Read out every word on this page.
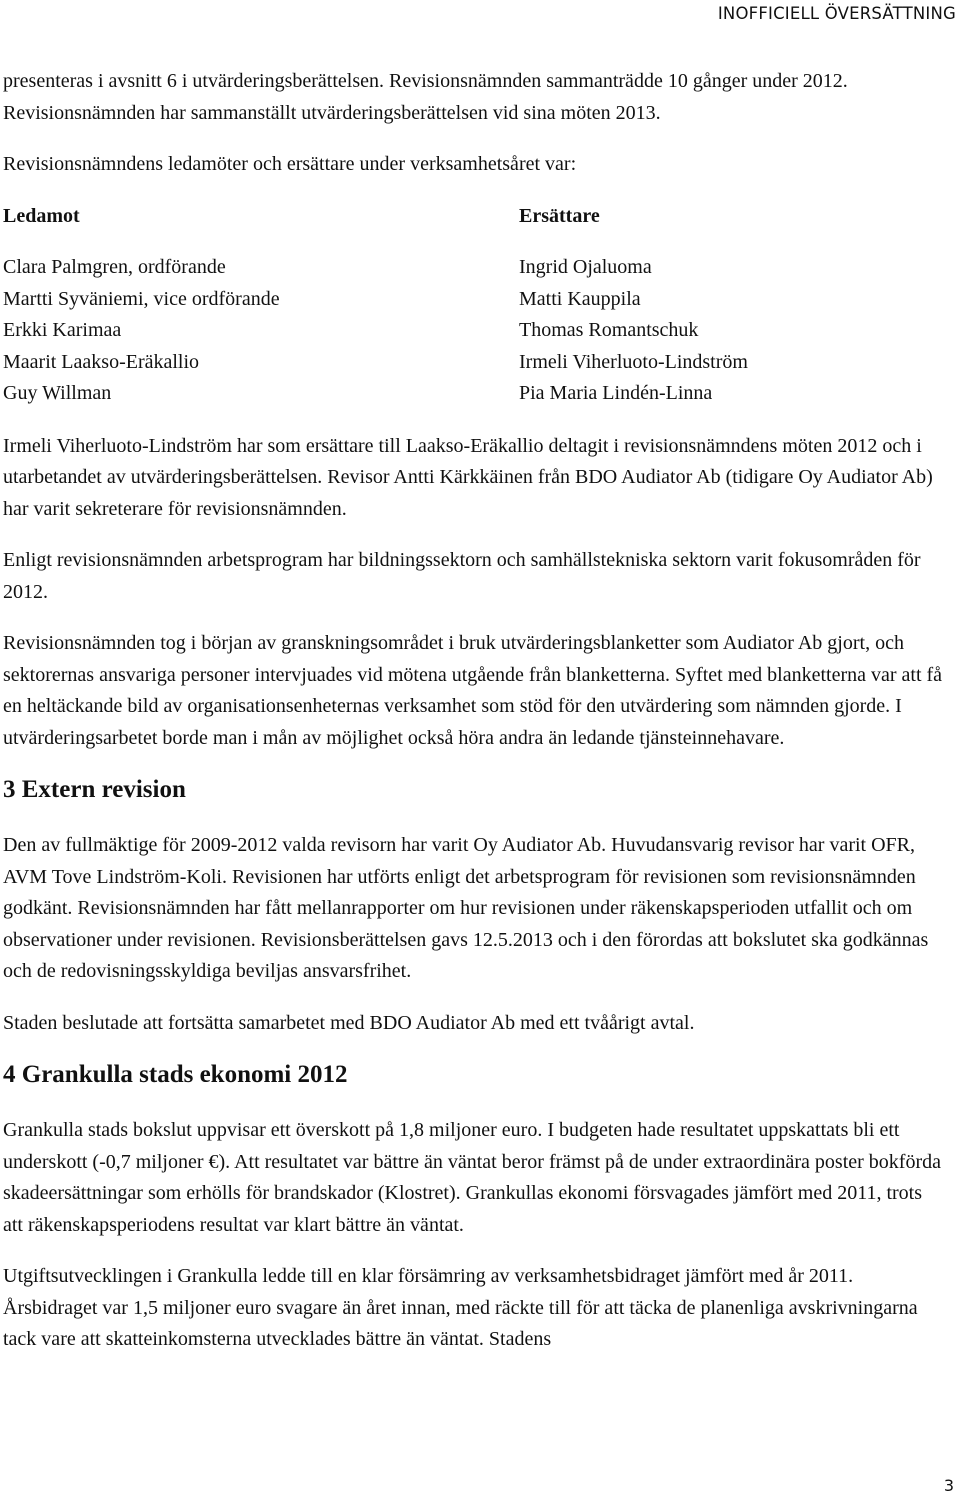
INOFFICIELL ÖVERSÄTTNING

presenteras i avsnitt 6 i utvärderingsberättelsen. Revisionsnämnden sammanträdde 10 gånger under 2012. Revisionsnämnden har sammanställt utvärderingsberättelsen vid sina möten 2013.

Revisionsnämndens ledamöter och ersättare under verksamhetsåret var:

Ledamot
Clara Palmgren, ordförande
Martti Syväniemi, vice ordförande
Erkki Karimaa
Maarit Laakso-Eräkallio
Guy Willman
Ersättare
Ingrid Ojaluoma
Matti Kauppila
Thomas Romantschuk
Irmeli Viherluoto-Lindström
Pia Maria Lindén-Linna

Irmeli Viherluoto-Lindström har som ersättare till Laakso-Eräkallio deltagit i revisionsnämndens möten 2012 och i utarbetandet av utvärderingsberättelsen. Revisor Antti Kärkkäinen från BDO Audiator Ab (tidigare Oy Audiator Ab) har varit sekreterare för revisionsnämnden.

Enligt revisionsnämnden arbetsprogram har bildningssektorn och samhällstekniska sektorn varit fokusområden för 2012.

Revisionsnämnden tog i början av granskningsområdet i bruk utvärderingsblanketter som Audiator Ab gjort, och sektorernas ansvariga personer intervjuades vid mötena utgående från blanketterna. Syftet med blanketterna var att få en heltäckande bild av organisationsenheternas verksamhet som stöd för den utvärdering som nämnden gjorde. I utvärderingsarbetet borde man i mån av möjlighet också höra andra än ledande tjänsteinnehavare.

3 Extern revision

Den av fullmäktige för 2009-2012 valda revisorn har varit Oy Audiator Ab. Huvudansvarig revisor har varit OFR, AVM Tove Lindström-Koli. Revisionen har utförts enligt det arbetsprogram för revisionen som revisionsnämnden godkänt. Revisionsnämnden har fått mellanrapporter om hur revisionen under räkenskapsperioden utfallit och om observationer under revisionen. Revisionsberättelsen gavs 12.5.2013 och i den förordas att bokslutet ska godkännas och de redovisningsskyldiga beviljas ansvarsfrihet.

Staden beslutade att fortsätta samarbetet med BDO Audiator Ab med ett tvåårigt avtal.

4 Grankulla stads ekonomi 2012

Grankulla stads bokslut uppvisar ett överskott på 1,8 miljoner euro. I budgeten hade resultatet uppskattats bli ett underskott (-0,7 miljoner €). Att resultatet var bättre än väntat beror främst på de under extraordinära poster bokförda skadeersättningar som erhölls för brandskador (Klostret). Grankullas ekonomi försvagades jämfört med 2011, trots att räkenskapsperiodens resultat var klart bättre än väntat.

Utgiftsutvecklingen i Grankulla ledde till en klar försämring av verksamhetsbidraget jämfört med år 2011. Årsbidraget var 1,5 miljoner euro svagare än året innan, med räckte till för att täcka de planenliga avskrivningarna tack vare att skatteinkomsterna utvecklades bättre än väntat. Stadens

3
